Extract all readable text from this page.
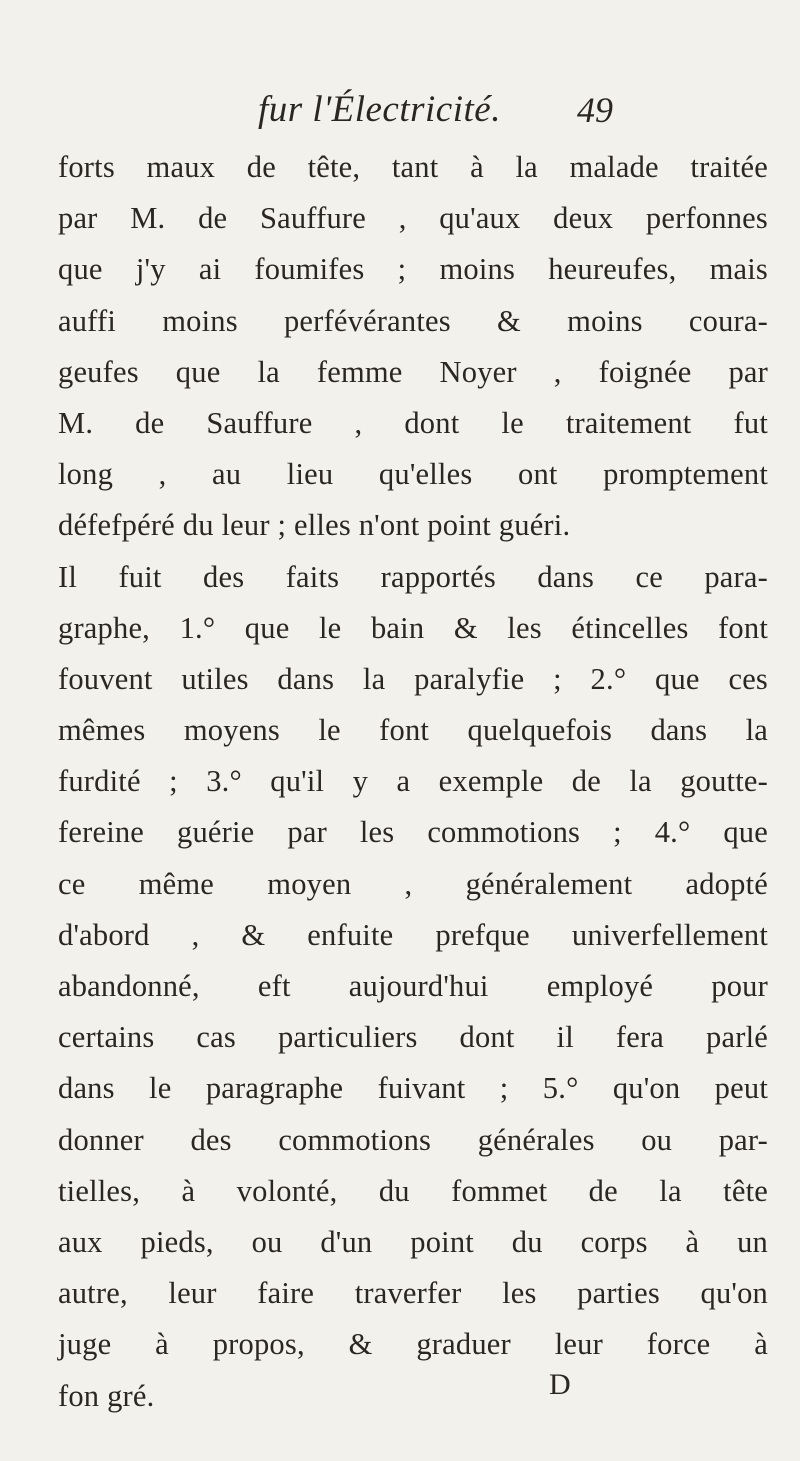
fur l'Électricité. 49
forts maux de tête, tant à la malade traitée
par M. de Sauffure , qu'aux deux perfonnes
que j'y ai foumifes ; moins heureufes, mais
auffi moins perfévérantes & moins coura-
geufes que la femme Noyer , foignée par
M. de Sauffure , dont le traitement fut
long , au lieu qu'elles ont promptement
défefpéré du leur ; elles n'ont point guéri.
Il fuit des faits rapportés dans ce para-
graphe, 1.° que le bain & les étincelles font
fouvent utiles dans la paralyfie ; 2.° que ces
mêmes moyens le font quelquefois dans la
furdité ; 3.° qu'il y a exemple de la goutte-
fereine guérie par les commotions ; 4.° que
ce même moyen , généralement adopté
d'abord , & enfuite prefque univerfellement
abandonné, eft aujourd'hui employé pour
certains cas particuliers dont il fera parlé
dans le paragraphe fuivant ; 5.° qu'on peut
donner des commotions générales ou par-
tielles, à volonté, du fommet de la tête
aux pieds, ou d'un point du corps à un
autre, leur faire traverfer les parties qu'on
juge à propos, & graduer leur force à
fon gré.	D
